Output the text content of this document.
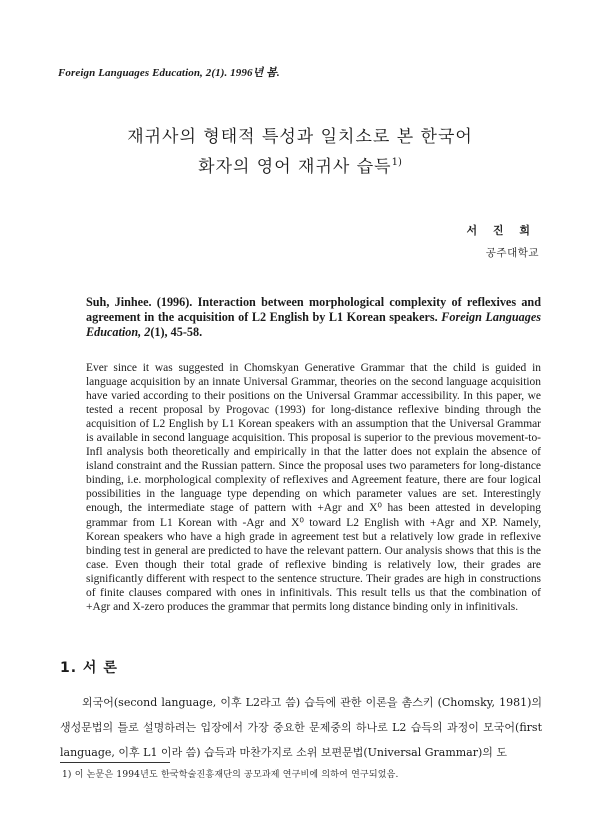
Foreign Languages Education, 2(1). 1996년 봄.
재귀사의 형태적 특성과 일치소로 본 한국어
화자의 영어 재귀사 습득$^{1)}$
서 진 희
공주대학교
Suh, Jinhee. (1996). Interaction between morphological complexity of reflexives and agreement in the acquisition of L2 English by L1 Korean speakers. Foreign Languages Education, 2(1), 45-58.

Ever since it was suggested in Chomskyan Generative Grammar that the child is guided in language acquisition by an innate Universal Grammar, theories on the second language acquisition have varied according to their positions on the Universal Grammar accessibility. In this paper, we tested a recent proposal by Progovac (1993) for long-distance reflexive binding through the acquisition of L2 English by L1 Korean speakers with an assumption that the Universal Grammar is available in second language acquisition. This proposal is superior to the previous movement-to-Infl analysis both theoretically and empirically in that the latter does not explain the absence of island constraint and the Russian pattern. Since the proposal uses two parameters for long-distance binding, i.e. morphological complexity of reflexives and Agreement feature, there are four logical possibilities in the language type depending on which parameter values are set. Interestingly enough, the intermediate stage of pattern with +Agr and X⁰ has been attested in developing grammar from L1 Korean with -Agr and X⁰ toward L2 English with +Agr and XP. Namely, Korean speakers who have a high grade in agreement test but a relatively low grade in reflexive binding test in general are predicted to have the relevant pattern. Our analysis shows that this is the case. Even though their total grade of reflexive binding is relatively low, their grades are significantly different with respect to the sentence structure. Their grades are high in constructions of finite clauses compared with ones in infinitivals. This result tells us that the combination of +Agr and X-zero produces the grammar that permits long distance binding only in infinitivals.

1. 서 론

외국어(second language, 이후 L2라고 씀) 습득에 관한 이론을 촘스키 (Chomsky, 1981)의 생성문법의 틀로 설명하려는 입장에서 가장 중요한 문제중의 하나로 L2 습득의 과정이 모국어(first language, 이후 L1 이라 씀) 습득과 마찬가지로 소위 보편문법(Universal Grammar)의 도

1) 이 논문은 1994년도 한국학술진흥재단의 공모과제 연구비에 의하여 연구되었음.
